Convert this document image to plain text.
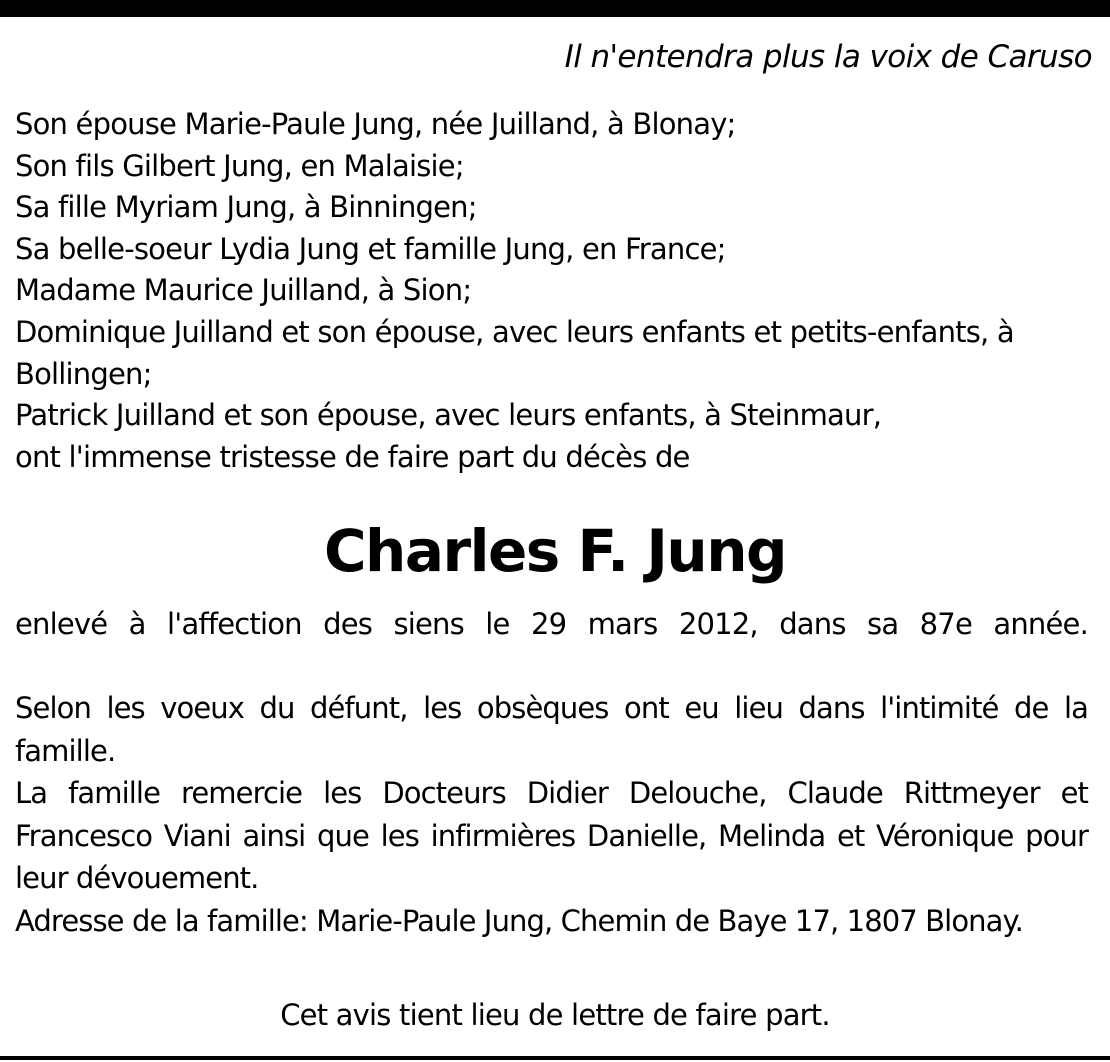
Il n'entendra plus la voix de Caruso
Son épouse Marie-Paule Jung, née Juilland, à Blonay;
Son fils Gilbert Jung, en Malaisie;
Sa fille Myriam Jung, à Binningen;
Sa belle-soeur Lydia Jung et famille Jung, en France;
Madame Maurice Juilland, à Sion;
Dominique Juilland et son épouse, avec leurs enfants et petits-enfants, à
Bollingen;
Patrick Juilland et son épouse, avec leurs enfants, à Steinmaur,
ont l'immense tristesse de faire part du décès de
Charles F. Jung
enlevé à l'affection des siens le 29 mars 2012, dans sa 87e année.

Selon les voeux du défunt, les obsèques ont eu lieu dans l'intimité de la famille.

La famille remercie les Docteurs Didier Delouche, Claude Rittmeyer et Francesco Viani ainsi que les infirmières Danielle, Melinda et Véronique pour leur dévouement.

Adresse de la famille: Marie-Paule Jung, Chemin de Baye 17, 1807 Blonay.

Cet avis tient lieu de lettre de faire part.
